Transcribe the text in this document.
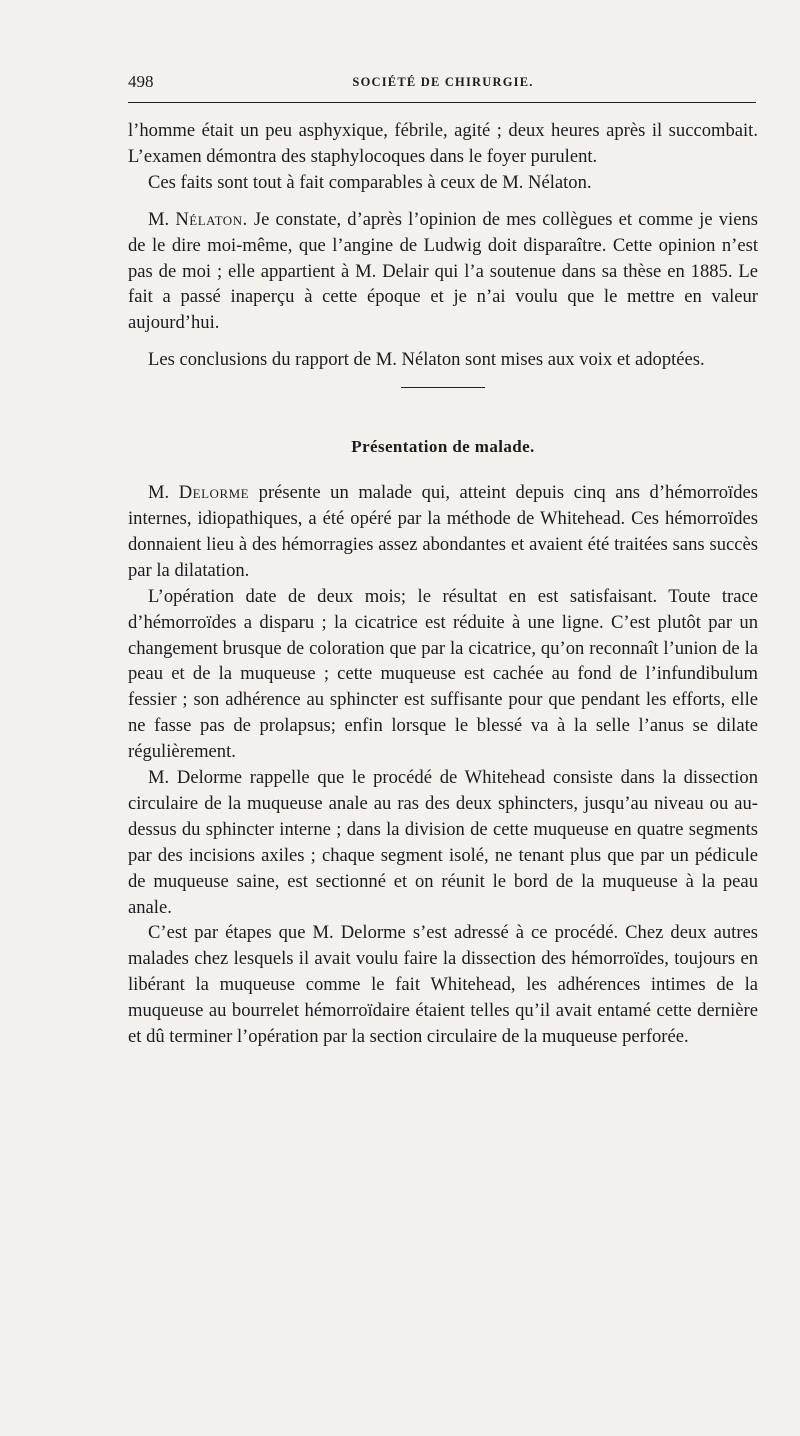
498	SOCIÉTÉ DE CHIRURGIE.

l’homme était un peu asphyxique, fébrile, agité ; deux heures après il succombait. L’examen démontra des staphylocoques dans le foyer purulent.

Ces faits sont tout à fait comparables à ceux de M. Nélaton.

M. Nélaton. Je constate, d’après l’opinion de mes collègues et comme je viens de le dire moi-même, que l’angine de Ludwig doit disparaître. Cette opinion n’est pas de moi ; elle appartient à M. Delair qui l’a soutenue dans sa thèse en 1885. Le fait a passé inaperçu à cette époque et je n’ai voulu que le mettre en valeur aujourd’hui.

Les conclusions du rapport de M. Nélaton sont mises aux voix et adoptées.

Présentation de malade.

M. Delorme présente un malade qui, atteint depuis cinq ans d’hémorroïdes internes, idiopathiques, a été opéré par la méthode de Whitehead. Ces hémorroïdes donnaient lieu à des hémorragies assez abondantes et avaient été traitées sans succès par la dilatation.

L’opération date de deux mois; le résultat en est satisfaisant. Toute trace d’hémorroïdes a disparu ; la cicatrice est réduite à une ligne. C’est plutôt par un changement brusque de coloration que par la cicatrice, qu’on reconnaît l’union de la peau et de la muqueuse ; cette muqueuse est cachée au fond de l’infundibulum fessier ; son adhérence au sphincter est suffisante pour que pendant les efforts, elle ne fasse pas de prolapsus; enfin lorsque le blessé va à la selle l’anus se dilate régulièrement.

M. Delorme rappelle que le procédé de Whitehead consiste dans la dissection circulaire de la muqueuse anale au ras des deux sphincters, jusqu’au niveau ou au-dessus du sphincter interne ; dans la division de cette muqueuse en quatre segments par des incisions axiles ; chaque segment isolé, ne tenant plus que par un pédicule de muqueuse saine, est sectionné et on réunit le bord de la muqueuse à la peau anale.

C’est par étapes que M. Delorme s’est adressé à ce procédé. Chez deux autres malades chez lesquels il avait voulu faire la dissection des hémorroïdes, toujours en libérant la muqueuse comme le fait Whitehead, les adhérences intimes de la muqueuse au bourrelet hémorroïdaire étaient telles qu’il avait entamé cette dernière et dû terminer l’opération par la section circulaire de la muqueuse perforée.
